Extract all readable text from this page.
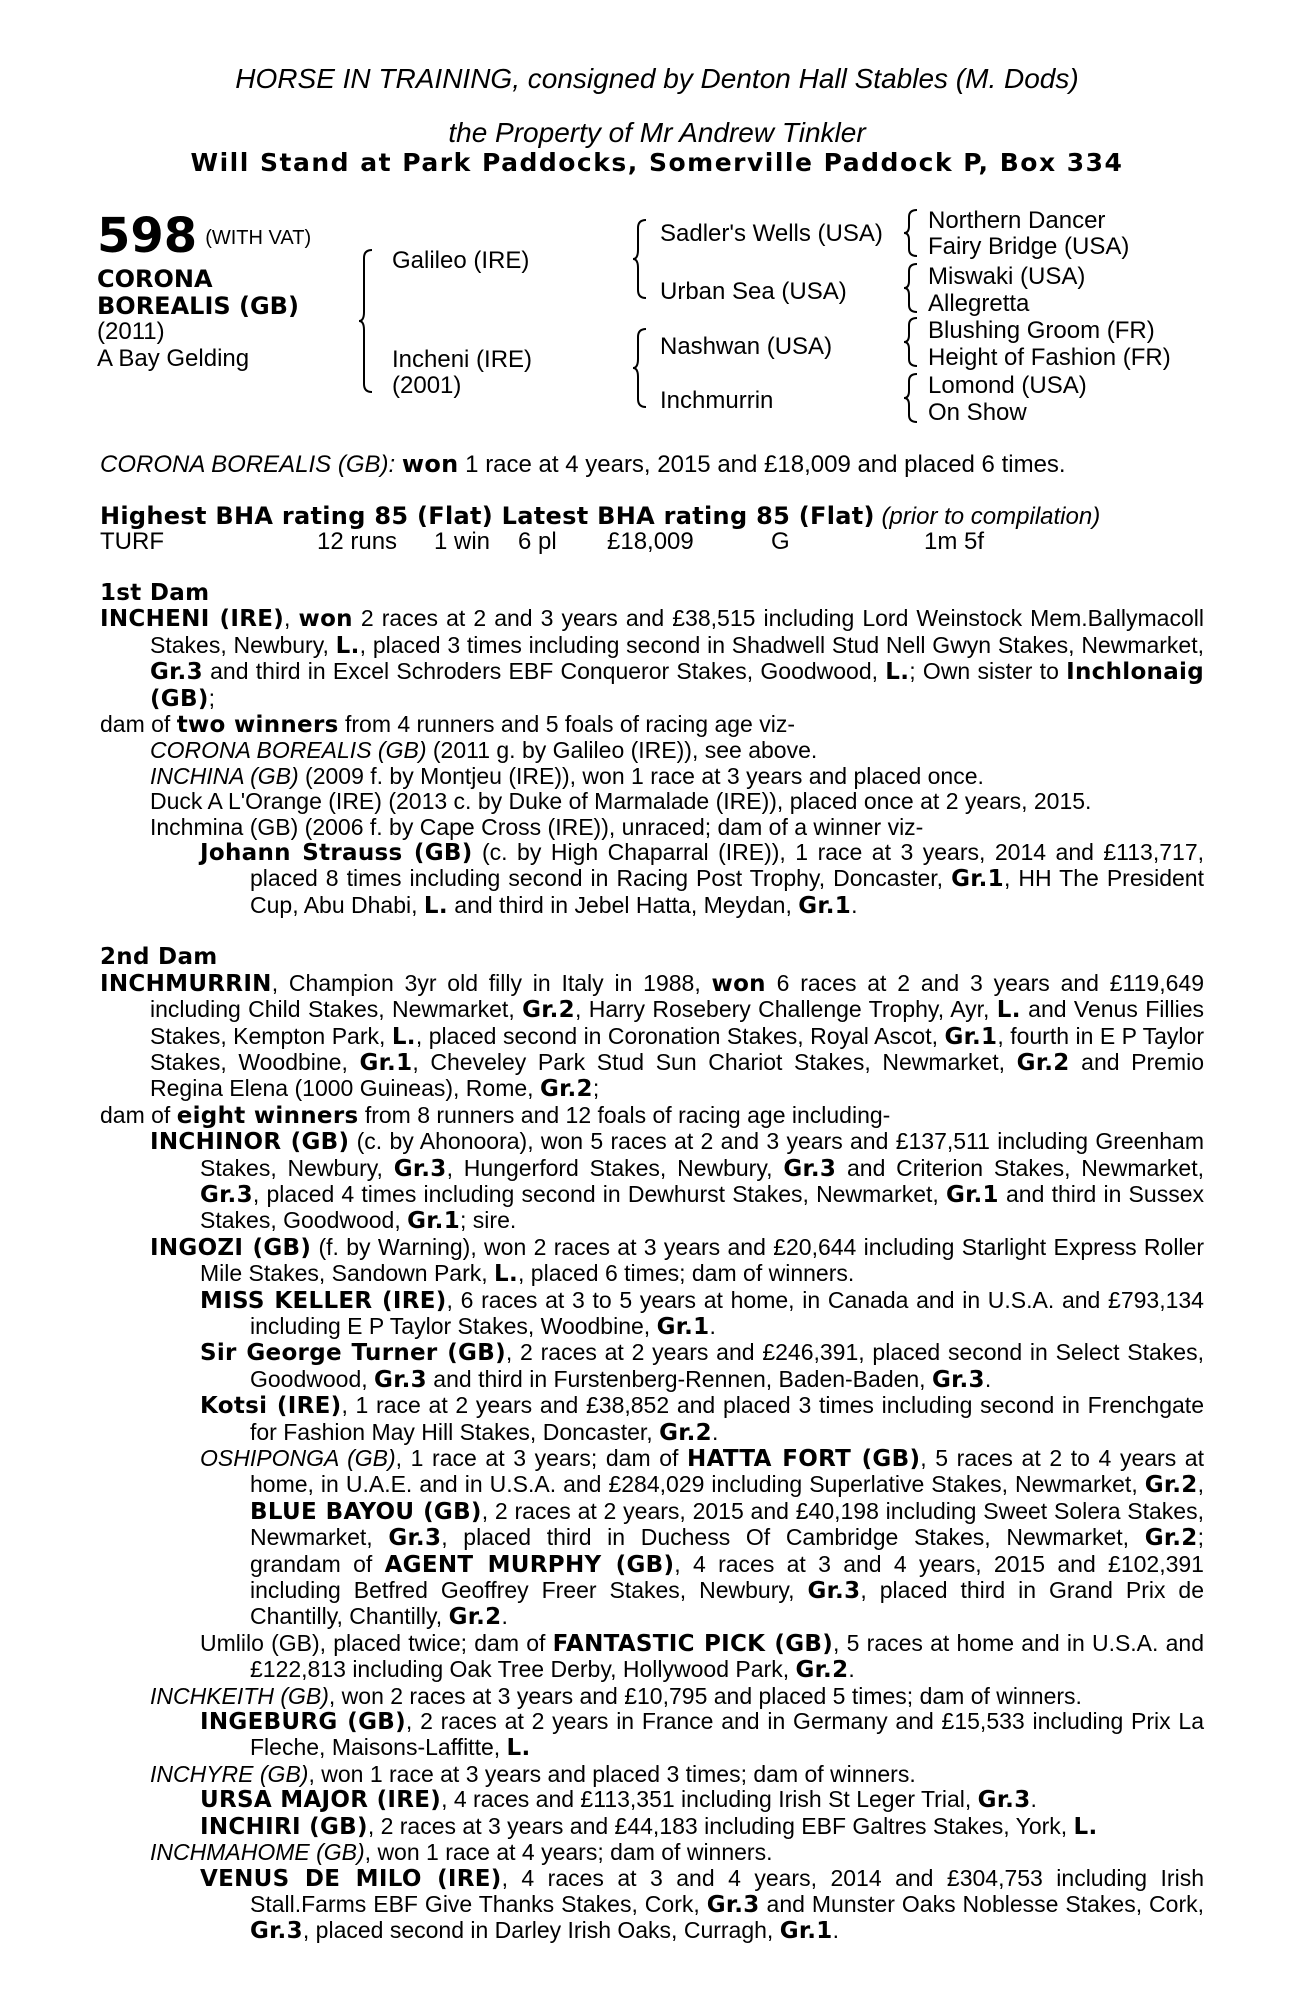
HORSE IN TRAINING, consigned by Denton Hall Stables (M. Dods)
the Property of Mr Andrew Tinkler
Will Stand at Park Paddocks, Somerville Paddock P, Box 334
598 (WITH VAT)
CORONA
BOREALIS (GB)
(2011)
A Bay Gelding
Galileo (IRE)
Incheni (IRE)
(2001)
Sadler's Wells (USA)
Urban Sea (USA)
Nashwan (USA)
Inchmurrin
Northern Dancer
Fairy Bridge (USA)
Miswaki (USA)
Allegretta
Blushing Groom (FR)
Height of Fashion (FR)
Lomond (USA)
On Show
CORONA BOREALIS (GB): won 1 race at 4 years, 2015 and £18,009 and placed 6 times.
Highest BHA rating 85 (Flat) Latest BHA rating 85 (Flat) (prior to compilation)
TURF	12 runs 1 win 6 pl £18,009	G	1m 5f

1st Dam

INCHENI (IRE), won 2 races at 2 and 3 years and £38,515 including Lord Weinstock Mem.Ballymacoll Stakes, Newbury, L., placed 3 times including second in Shadwell Stud Nell Gwyn Stakes, Newmarket, Gr.3 and third in Excel Schroders EBF Conqueror Stakes, Goodwood, L.; Own sister to Inchlonaig (GB);

dam of two winners from 4 runners and 5 foals of racing age viz-

CORONA BOREALIS (GB) (2011 g. by Galileo (IRE)), see above.

INCHINA (GB) (2009 f. by Montjeu (IRE)), won 1 race at 3 years and placed once.

Duck A L'Orange (IRE) (2013 c. by Duke of Marmalade (IRE)), placed once at 2 years, 2015.

Inchmina (GB) (2006 f. by Cape Cross (IRE)), unraced; dam of a winner viz-

Johann Strauss (GB) (c. by High Chaparral (IRE)), 1 race at 3 years, 2014 and £113,717, placed 8 times including second in Racing Post Trophy, Doncaster, Gr.1, HH The President Cup, Abu Dhabi, L. and third in Jebel Hatta, Meydan, Gr.1.

2nd Dam

INCHMURRIN, Champion 3yr old filly in Italy in 1988, won 6 races at 2 and 3 years and £119,649 including Child Stakes, Newmarket, Gr.2, Harry Rosebery Challenge Trophy, Ayr, L. and Venus Fillies Stakes, Kempton Park, L., placed second in Coronation Stakes, Royal Ascot, Gr.1, fourth in E P Taylor Stakes, Woodbine, Gr.1, Cheveley Park Stud Sun Chariot Stakes, Newmarket, Gr.2 and Premio Regina Elena (1000 Guineas), Rome, Gr.2;

dam of eight winners from 8 runners and 12 foals of racing age including-

INCHINOR (GB) (c. by Ahonoora), won 5 races at 2 and 3 years and £137,511 including Greenham Stakes, Newbury, Gr.3, Hungerford Stakes, Newbury, Gr.3 and Criterion Stakes, Newmarket, Gr.3, placed 4 times including second in Dewhurst Stakes, Newmarket, Gr.1 and third in Sussex Stakes, Goodwood, Gr.1; sire.

INGOZI (GB) (f. by Warning), won 2 races at 3 years and £20,644 including Starlight Express Roller Mile Stakes, Sandown Park, L., placed 6 times; dam of winners.

MISS KELLER (IRE), 6 races at 3 to 5 years at home, in Canada and in U.S.A. and £793,134 including E P Taylor Stakes, Woodbine, Gr.1.

Sir George Turner (GB), 2 races at 2 years and £246,391, placed second in Select Stakes, Goodwood, Gr.3 and third in Furstenberg-Rennen, Baden-Baden, Gr.3.

Kotsi (IRE), 1 race at 2 years and £38,852 and placed 3 times including second in Frenchgate for Fashion May Hill Stakes, Doncaster, Gr.2.

OSHIPONGA (GB), 1 race at 3 years; dam of HATTA FORT (GB), 5 races at 2 to 4 years at home, in U.A.E. and in U.S.A. and £284,029 including Superlative Stakes, Newmarket, Gr.2, BLUE BAYOU (GB), 2 races at 2 years, 2015 and £40,198 including Sweet Solera Stakes, Newmarket, Gr.3, placed third in Duchess Of Cambridge Stakes, Newmarket, Gr.2; grandam of AGENT MURPHY (GB), 4 races at 3 and 4 years, 2015 and £102,391 including Betfred Geoffrey Freer Stakes, Newbury, Gr.3, placed third in Grand Prix de Chantilly, Chantilly, Gr.2.

Umlilo (GB), placed twice; dam of FANTASTIC PICK (GB), 5 races at home and in U.S.A. and £122,813 including Oak Tree Derby, Hollywood Park, Gr.2.

INCHKEITH (GB), won 2 races at 3 years and £10,795 and placed 5 times; dam of winners.

INGEBURG (GB), 2 races at 2 years in France and in Germany and £15,533 including Prix La Fleche, Maisons-Laffitte, L.

INCHYRE (GB), won 1 race at 3 years and placed 3 times; dam of winners.

URSA MAJOR (IRE), 4 races and £113,351 including Irish St Leger Trial, Gr.3.

INCHIRI (GB), 2 races at 3 years and £44,183 including EBF Galtres Stakes, York, L.

INCHMAHOME (GB), won 1 race at 4 years; dam of winners.

VENUS DE MILO (IRE), 4 races at 3 and 4 years, 2014 and £304,753 including Irish Stall.Farms EBF Give Thanks Stakes, Cork, Gr.3 and Munster Oaks Noblesse Stakes, Cork, Gr.3, placed second in Darley Irish Oaks, Curragh, Gr.1.
